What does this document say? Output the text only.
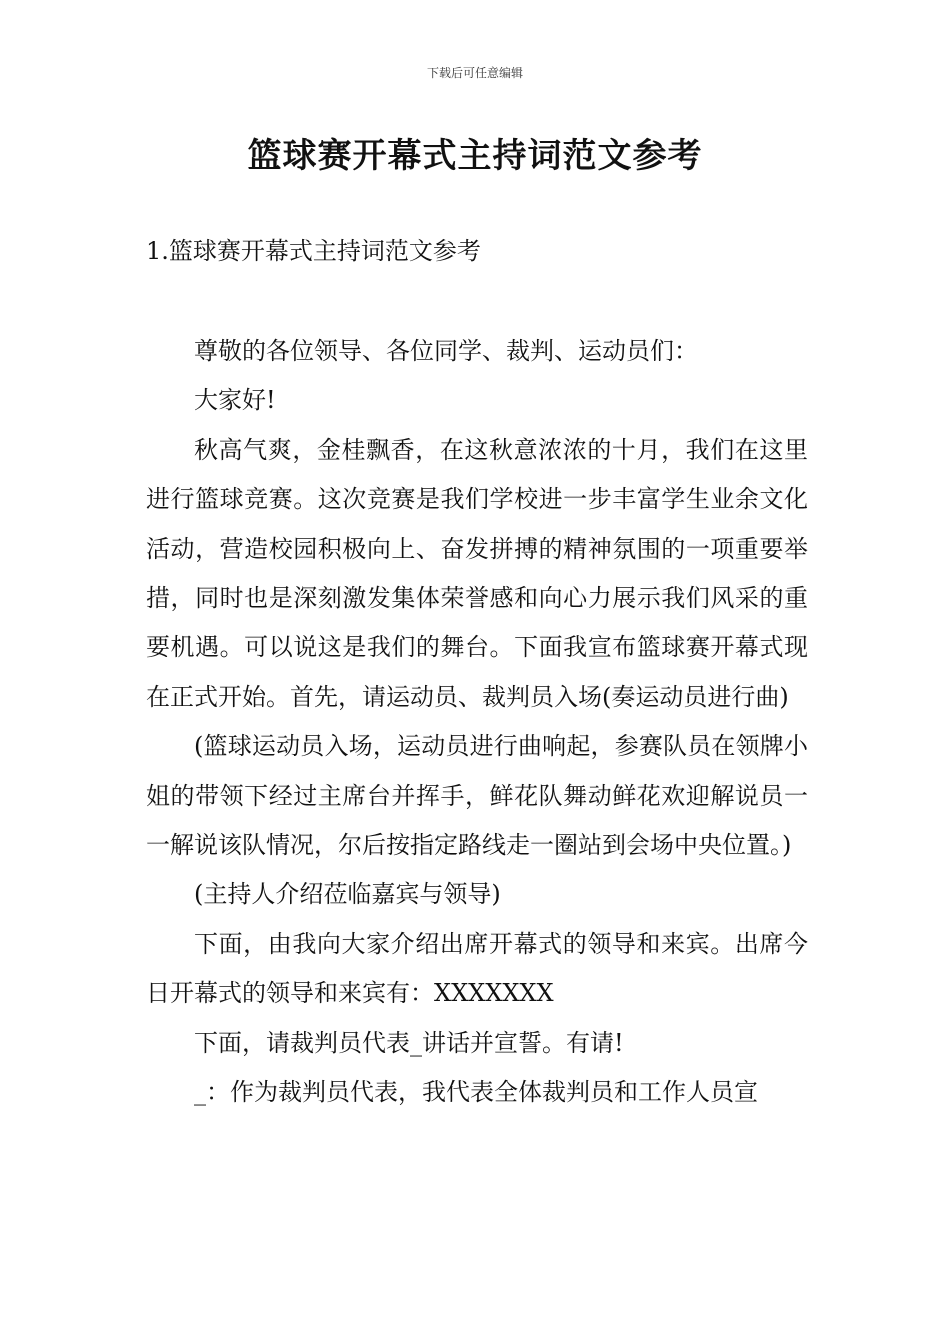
下载后可任意编辑
篮球赛开幕式主持词范文参考
1.篮球赛开幕式主持词范文参考

尊敬的各位领导、各位同学、裁判、运动员们：

大家好!

秋高气爽，金桂飘香，在这秋意浓浓的十月，我们在这里进行篮球竞赛。这次竞赛是我们学校进一步丰富学生业余文化活动，营造校园积极向上、奋发拼搏的精神氛围的一项重要举措，同时也是深刻激发集体荣誉感和向心力展示我们风采的重要机遇。可以说这是我们的舞台。下面我宣布篮球赛开幕式现在正式开始。首先，请运动员、裁判员入场(奏运动员进行曲)

(篮球运动员入场，运动员进行曲响起，参赛队员在领牌小姐的带领下经过主席台并挥手，鲜花队舞动鲜花欢迎解说员一一解说该队情况，尔后按指定路线走一圈站到会场中央位置。)

(主持人介绍莅临嘉宾与领导)

下面，由我向大家介绍出席开幕式的领导和来宾。出席今日开幕式的领导和来宾有：XXXXXXX

下面，请裁判员代表_讲话并宣誓。有请!

_：作为裁判员代表，我代表全体裁判员和工作人员宣
